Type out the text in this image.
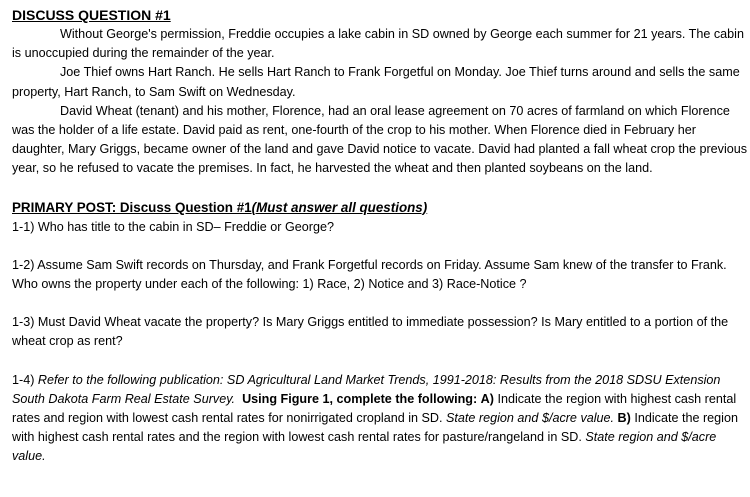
DISCUSS QUESTION #1

Without George's permission, Freddie occupies a lake cabin in SD owned by George each summer for 21 years. The cabin is unoccupied during the remainder of the year.

Joe Thief owns Hart Ranch. He sells Hart Ranch to Frank Forgetful on Monday. Joe Thief turns around and sells the same property, Hart Ranch, to Sam Swift on Wednesday.

David Wheat (tenant) and his mother, Florence, had an oral lease agreement on 70 acres of farmland on which Florence was the holder of a life estate. David paid as rent, one-fourth of the crop to his mother. When Florence died in February her daughter, Mary Griggs, became owner of the land and gave David notice to vacate. David had planted a fall wheat crop the previous year, so he refused to vacate the premises. In fact, he harvested the wheat and then planted soybeans on the land.

PRIMARY POST: Discuss Question #1(Must answer all questions)

1-1) Who has title to the cabin in SD– Freddie or George?

1-2) Assume Sam Swift records on Thursday, and Frank Forgetful records on Friday. Assume Sam knew of the transfer to Frank. Who owns the property under each of the following: 1) Race, 2) Notice and 3) Race-Notice ?

1-3) Must David Wheat vacate the property? Is Mary Griggs entitled to immediate possession? Is Mary entitled to a portion of the wheat crop as rent?

1-4) Refer to the following publication: SD Agricultural Land Market Trends, 1991-2018: Results from the 2018 SDSU Extension South Dakota Farm Real Estate Survey. Using Figure 1, complete the following: A) Indicate the region with highest cash rental rates and region with lowest cash rental rates for nonirrigated cropland in SD. State region and $/acre value. B) Indicate the region with highest cash rental rates and the region with lowest cash rental rates for pasture/rangeland in SD. State region and $/acre value.
